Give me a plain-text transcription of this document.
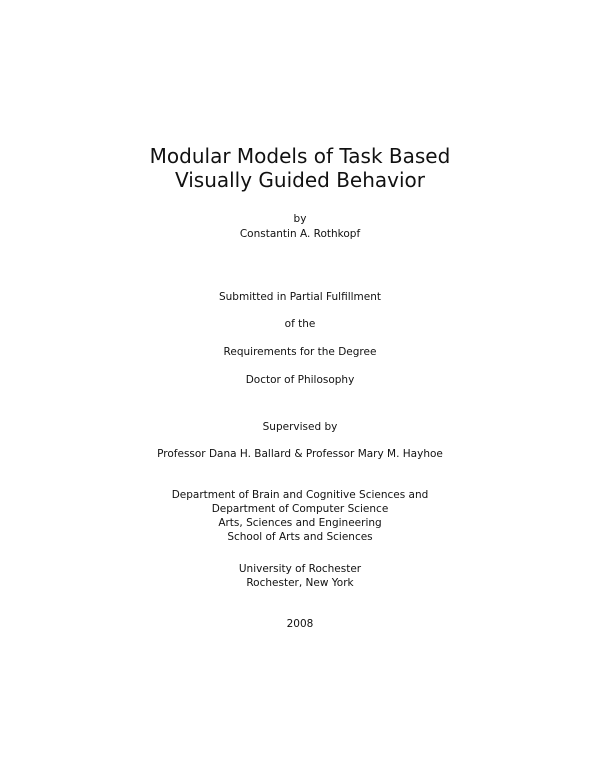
Modular Models of Task Based
Visually Guided Behavior
by
Constantin A. Rothkopf
Submitted in Partial Fulfillment
of the
Requirements for the Degree
Doctor of Philosophy
Supervised by
Professor Dana H. Ballard & Professor Mary M. Hayhoe
Department of Brain and Cognitive Sciences and
Department of Computer Science
Arts, Sciences and Engineering
School of Arts and Sciences
University of Rochester
Rochester, New York
2008
